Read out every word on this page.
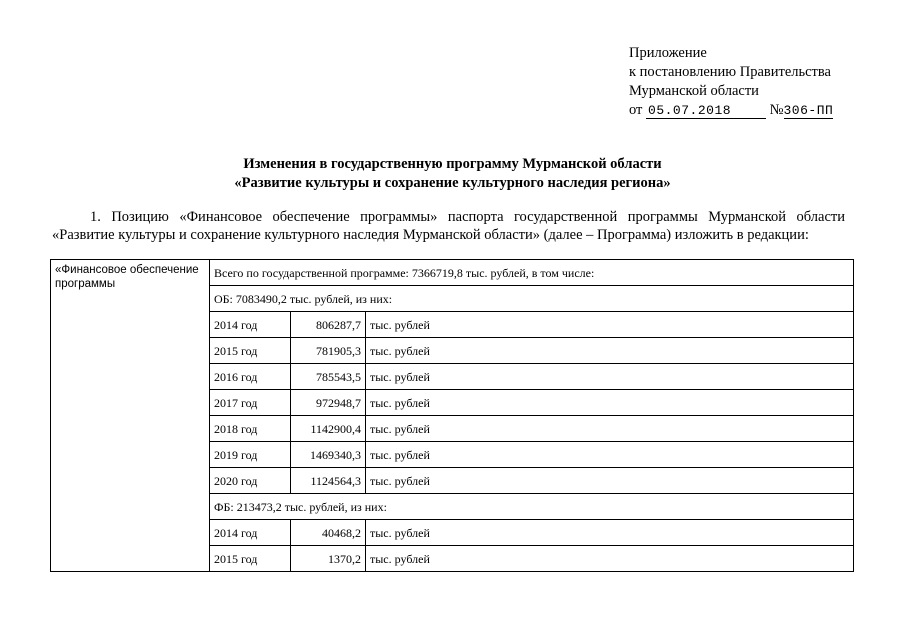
Приложение
к постановлению Правительства
Мурманской области
от 05.07.2018	№306-ПП
Изменения в государственную программу Мурманской области
«Развитие культуры и сохранение культурного наследия региона»
1. Позицию «Финансовое обеспечение программы» паспорта государственной программы Мурманской области «Развитие культуры и сохранение культурного наследия Мурманской области» (далее – Программа) изложить в редакции:
«Финансовое обеспечение программы	Всего по государственной программе: 7366719,8 тыс. рублей, в том числе:		
	ОБ: 7083490,2 тыс. рублей, из них:		
	2014 год	806287,7	тыс. рублей
	2015 год	781905,3	тыс. рублей
	2016 год	785543,5	тыс. рублей
	2017 год	972948,7	тыс. рублей
	2018 год	1142900,4	тыс. рублей
	2019 год	1469340,3	тыс. рублей
	2020 год	1124564,3	тыс. рублей
	ФБ: 213473,2 тыс. рублей, из них:		
	2014 год	40468,2	тыс. рублей
	2015 год	1370,2	тыс. рублей
